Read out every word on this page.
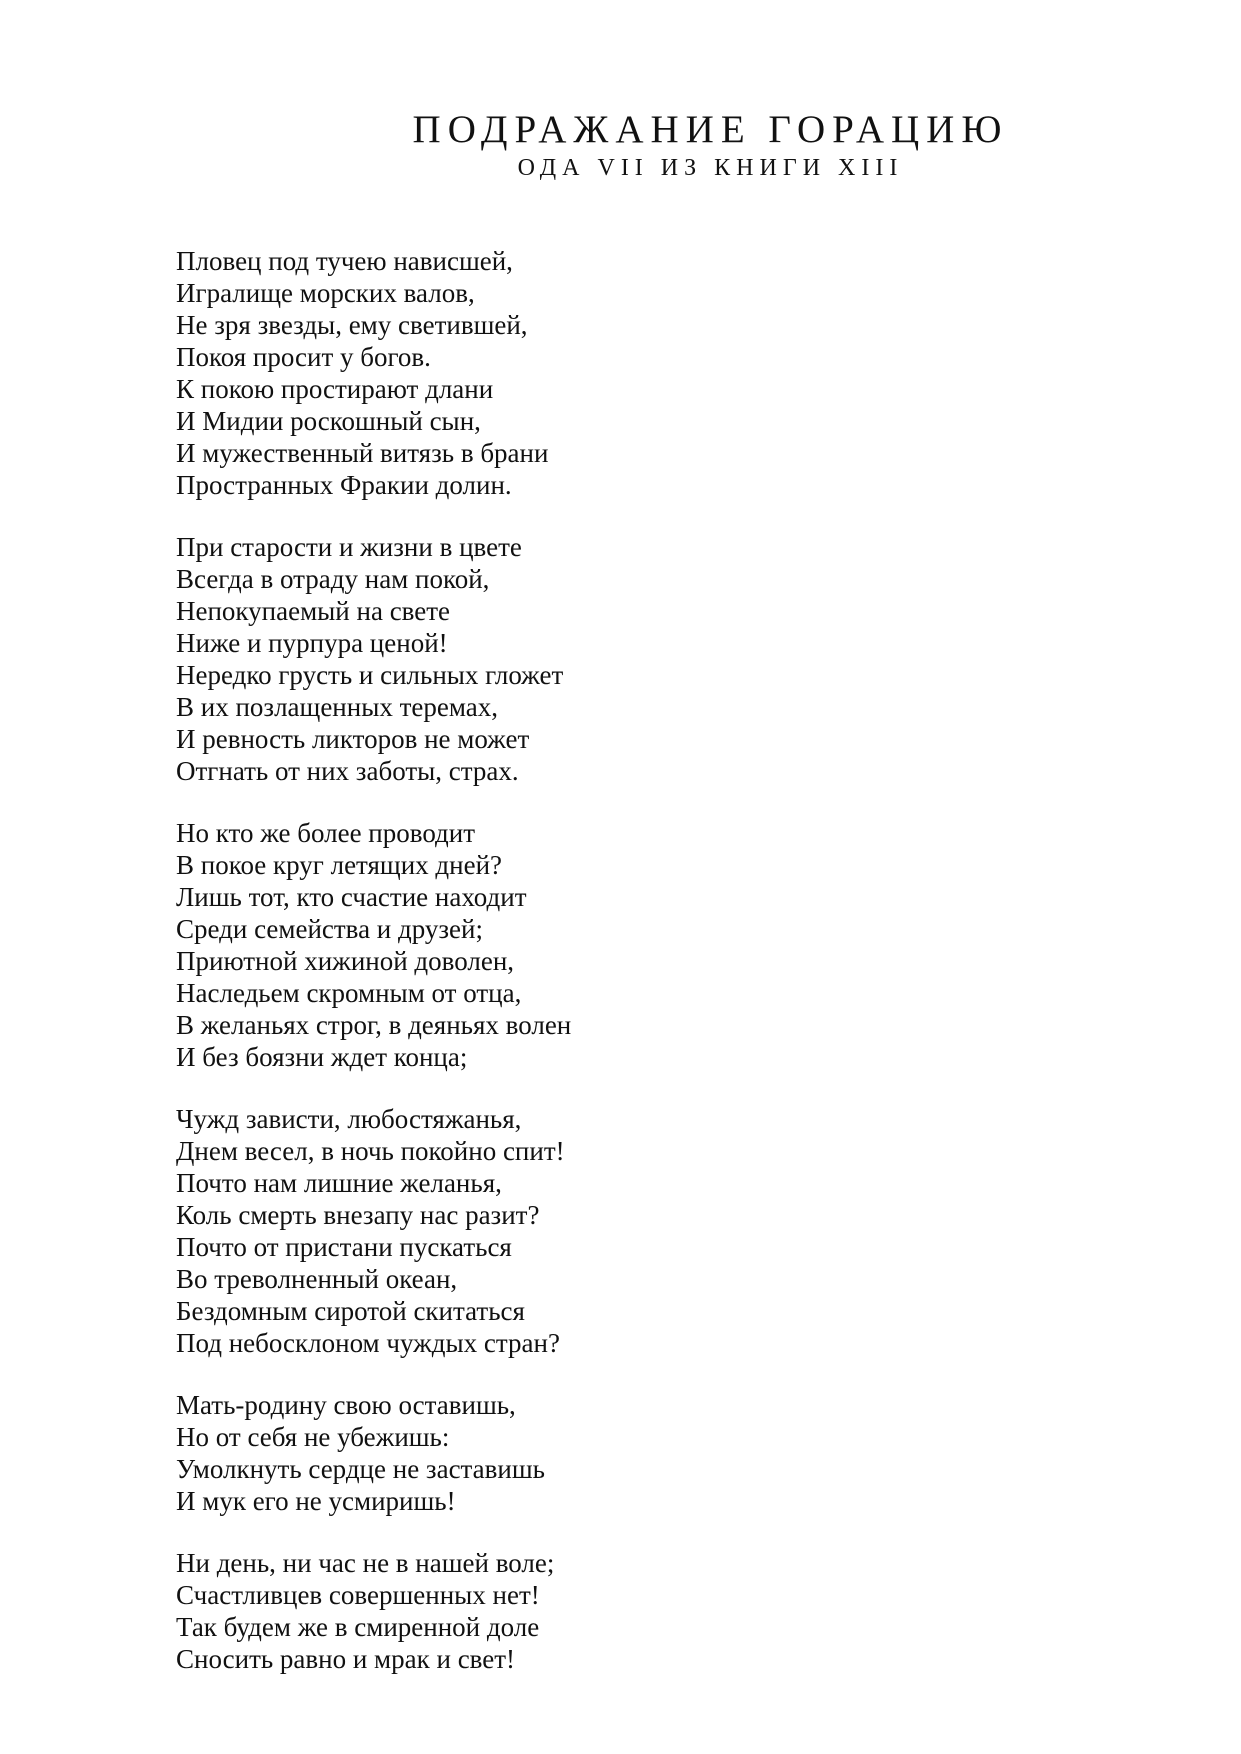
ПОДРАЖАНИЕ ГОРАЦИЮ
ОДА VII ИЗ КНИГИ XIII
Пловец под тучею нависшей,
Игралище морских валов,
Не зря звезды, ему светившей,
Покоя просит у богов.
К покою простирают длани
И Мидии роскошный сын,
И мужественный витязь в брани
Пространных Фракии долин.
При старости и жизни в цвете
Всегда в отраду нам покой,
Непокупаемый на свете
Ниже и пурпура ценой!
Нередко грусть и сильных гложет
В их позлащенных теремах,
И ревность ликторов не может
Отгнать от них заботы, страх.
Но кто же более проводит
В покое круг летящих дней?
Лишь тот, кто счастие находит
Среди семейства и друзей;
Приютной хижиной доволен,
Наследьем скромным от отца,
В желаньях строг, в деяньях волен
И без боязни ждет конца;
Чужд зависти, любостяжанья,
Днем весел, в ночь покойно спит!
Почто нам лишние желанья,
Коль смерть внезапу нас разит?
Почто от пристани пускаться
Во треволненный океан,
Бездомным сиротой скитаться
Под небосклоном чуждых стран?
Мать-родину свою оставишь,
Но от себя не убежишь:
Умолкнуть сердце не заставишь
И мук его не усмиришь!
Ни день, ни час не в нашей воле;
Счастливцев совершенных нет!
Так будем же в смиренной доле
Сносить равно и мрак и свет!
